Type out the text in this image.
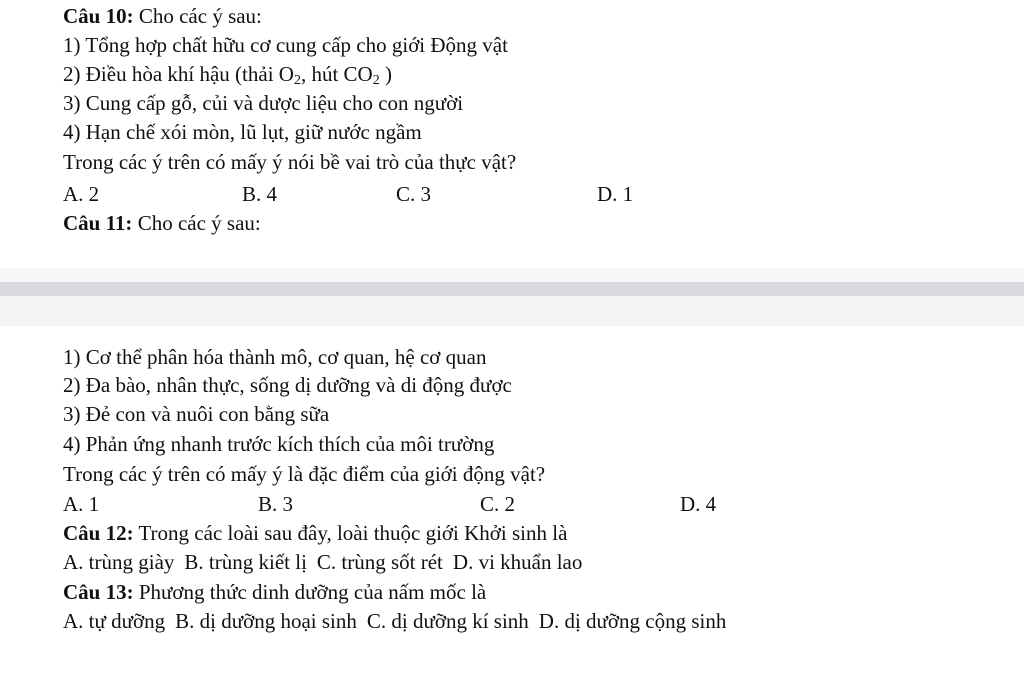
Câu 10: Cho các ý sau:
1) Tổng hợp chất hữu cơ cung cấp cho giới Động vật
2) Điều hòa khí hậu (thải $O_2$, hút $CO_2$ )
3) Cung cấp gỗ, củi và dược liệu cho con người
4) Hạn chế xói mòn, lũ lụt, giữ nước ngầm
Trong các ý trên có mấy ý nói bề vai trò của thực vật?
A. 2	B. 4	C. 3	D. 1
Câu 11: Cho các ý sau:
1) Cơ thể phân hóa thành mô, cơ quan, hệ cơ quan
2) Đa bào, nhân thực, sống dị dưỡng và di động được
3) Đẻ con và nuôi con bằng sữa
4) Phản ứng nhanh trước kích thích của môi trường
Trong các ý trên có mấy ý là đặc điểm của giới động vật?
A. 1	B. 3	C. 2	D. 4
Câu 12: Trong các loài sau đây, loài thuộc giới Khởi sinh là
A. trùng giày B. trùng kiết lị C. trùng sốt rét D. vi khuẩn lao
Câu 13: Phương thức dinh dưỡng của nấm mốc là
A. tự dưỡng B. dị dưỡng hoại sinh C. dị dưỡng kí sinh D. dị dưỡng cộng sinh
